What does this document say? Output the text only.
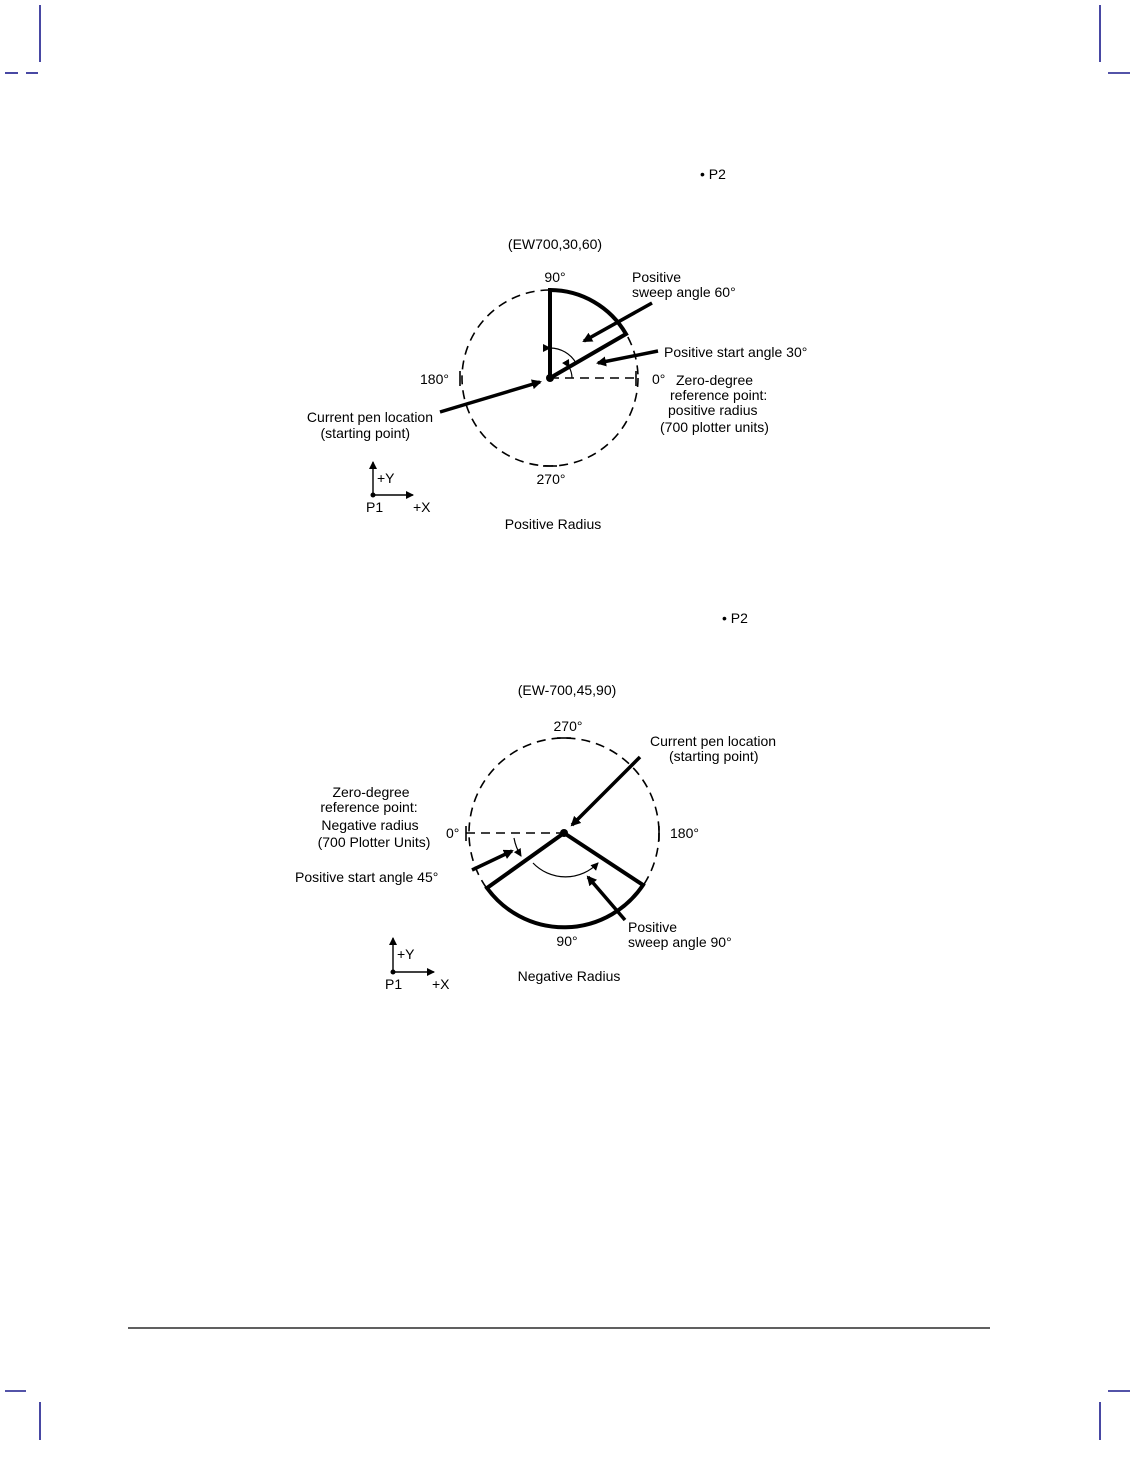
• P2
(EW700,30,60)
90°
180°
270°
0°
Positive
sweep angle 60°
Positive start angle 30°
Zero-degree
reference point:
positive radius
(700 plotter units)
Current pen location
(starting point)
+Y
+X
P1
Positive Radius
• P2
(EW-700,45,90)
270°
0°	180°
90°
Current pen location
(starting point)
Zero-degree
reference point:
Negative radius
(700 Plotter Units)
Positive start angle 45°
Positive
sweep angle 90°
+Y
+X
P1	Negative Radius
